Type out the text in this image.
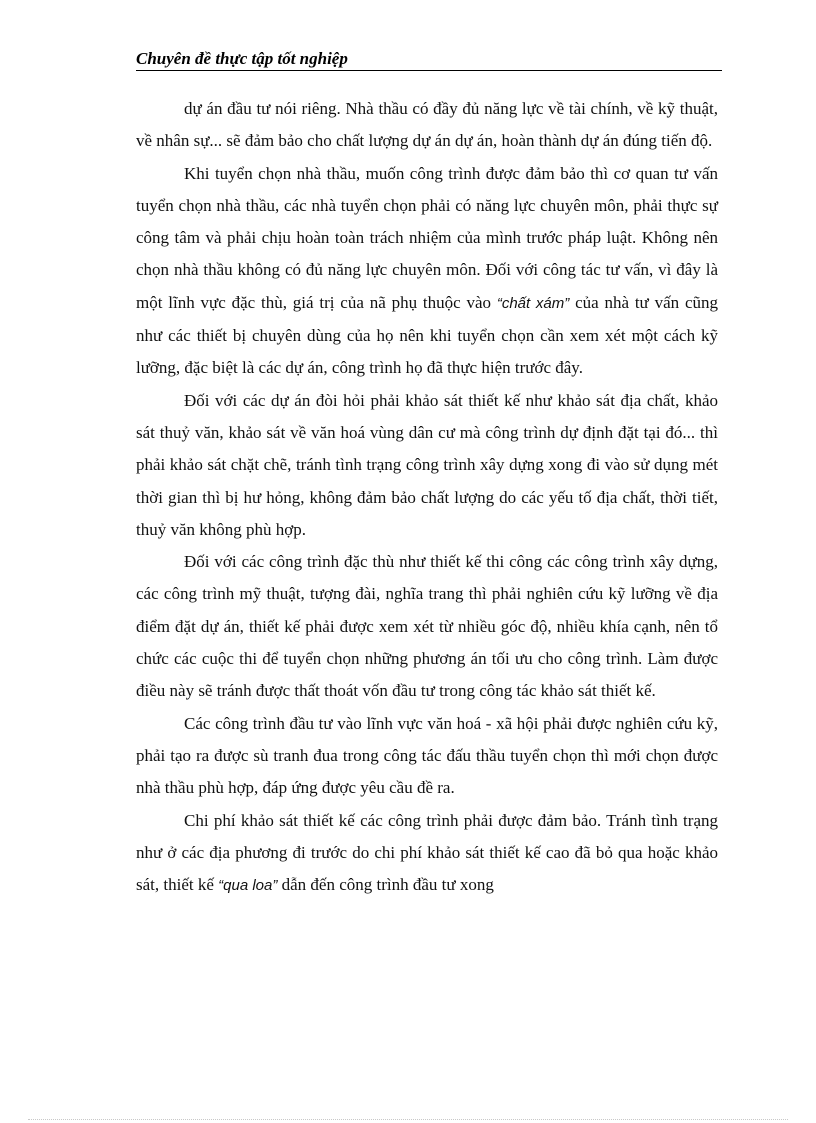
Chuyên đề thực tập tốt nghiệp

dự án đầu tư nói riêng. Nhà thầu có đầy đủ năng lực về tài chính, về kỹ thuật, về nhân sự... sẽ đảm bảo cho chất lượng dự án dự án, hoàn thành dự án đúng tiến độ.

Khi tuyển chọn nhà thầu, muốn công trình được đảm bảo thì cơ quan tư vấn tuyển chọn nhà thầu, các nhà tuyển chọn phải có năng lực chuyên môn, phải thực sự công tâm và phải chịu hoàn toàn trách nhiệm của mình trước pháp luật. Không nên chọn nhà thầu không có đủ năng lực chuyên môn. Đối với công tác tư vấn, vì đây là một lĩnh vực đặc thù, giá trị của nã phụ thuộc vào “chất xám” của nhà tư vấn cũng như các thiết bị chuyên dùng của họ nên khi tuyển chọn cần xem xét một cách kỹ lưỡng, đặc biệt là các dự án, công trình họ đã thực hiện trước đây.

Đối với các dự án đòi hỏi phải khảo sát thiết kế như khảo sát địa chất, khảo sát thuỷ văn, khảo sát về văn hoá vùng dân cư mà công trình dự định đặt tại đó... thì phải khảo sát chặt chẽ, tránh tình trạng công trình xây dựng xong đi vào sử dụng mét thời gian thì bị hư hỏng, không đảm bảo chất lượng do các yếu tố địa chất, thời tiết, thuỷ văn không phù hợp.

Đối với các công trình đặc thù như thiết kế thi công các công trình xây dựng, các công trình mỹ thuật, tượng đài, nghĩa trang thì phải nghiên cứu kỹ lưỡng về địa điểm đặt dự án, thiết kế phải được xem xét từ nhiều góc độ, nhiều khía cạnh, nên tổ chức các cuộc thi để tuyển chọn những phương án tối ưu cho công trình. Làm được điều này sẽ tránh được thất thoát vốn đầu tư trong công tác khảo sát thiết kế.

Các công trình đầu tư vào lĩnh vực văn hoá - xã hội phải được nghiên cứu kỹ, phải tạo ra được sù tranh đua trong công tác đấu thầu tuyển chọn thì mới chọn được nhà thầu phù hợp, đáp ứng được yêu cầu đề ra.

Chi phí khảo sát thiết kế các công trình phải được đảm bảo. Tránh tình trạng như ở các địa phương đi trước do chi phí khảo sát thiết kế cao đã bỏ qua hoặc khảo sát, thiết kế “qua loa” dẫn đến công trình đầu tư xong
